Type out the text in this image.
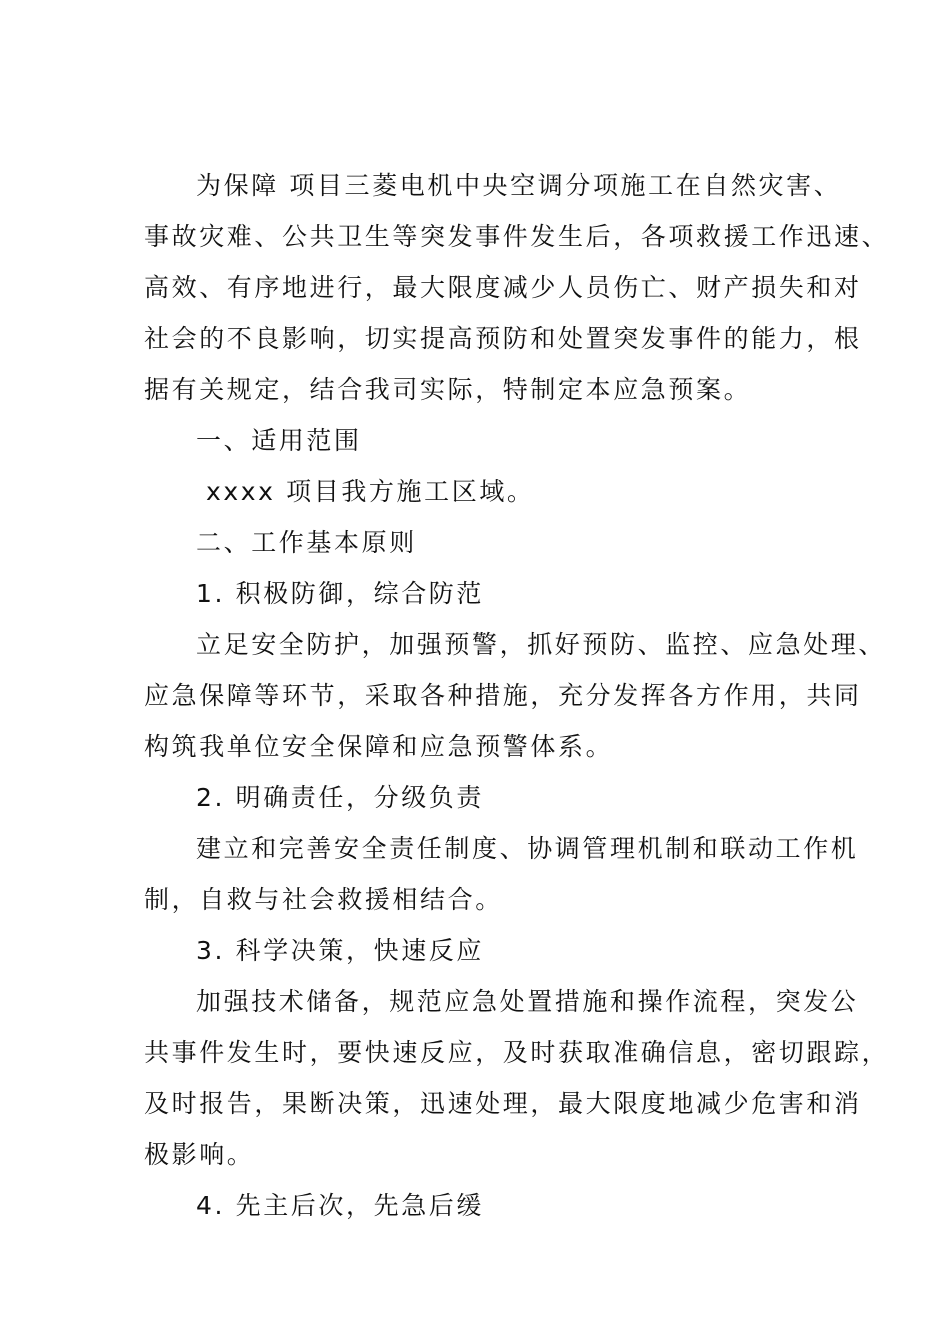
为保障 项目三菱电机中央空调分项施工在自然灾害、
事故灾难、公共卫生等突发事件发生后，各项救援工作迅速、
高效、有序地进行，最大限度减少人员伤亡、财产损失和对
社会的不良影响，切实提高预防和处置突发事件的能力，根
据有关规定，结合我司实际，特制定本应急预案。
一、适用范围
xxxx 项目我方施工区域。
二、工作基本原则
1. 积极防御，综合防范
立足安全防护，加强预警，抓好预防、监控、应急处理、
应急保障等环节，采取各种措施，充分发挥各方作用，共同
构筑我单位安全保障和应急预警体系。
2. 明确责任，分级负责
建立和完善安全责任制度、协调管理机制和联动工作机
制，自救与社会救援相结合。
3. 科学决策，快速反应
加强技术储备，规范应急处置措施和操作流程，突发公
共事件发生时，要快速反应，及时获取准确信息，密切跟踪，
及时报告，果断决策，迅速处理，最大限度地减少危害和消
极影响。
4. 先主后次，先急后缓
